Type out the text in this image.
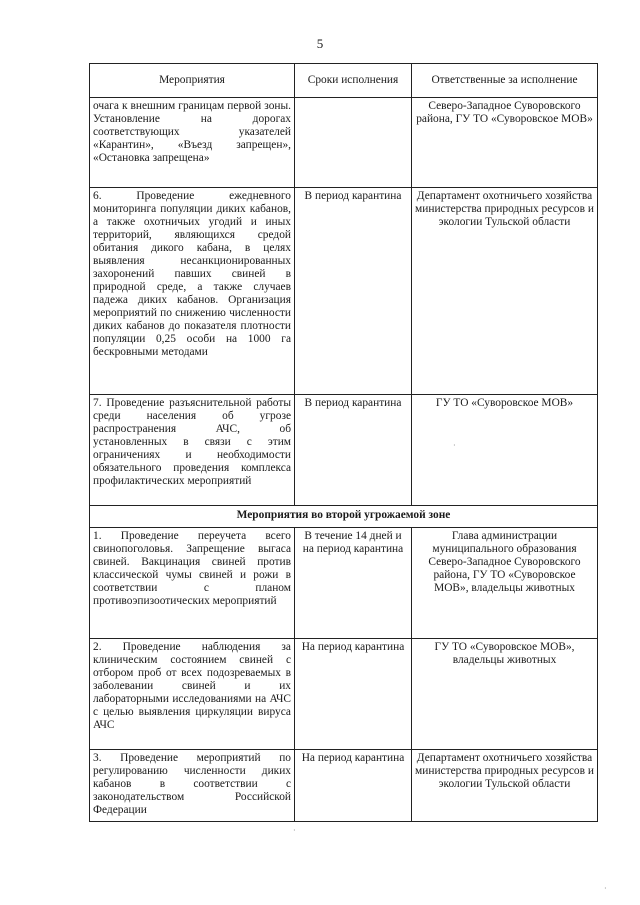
5
Мероприятия	Сроки исполнения	Ответственные за исполнение
очага к внешним границам первой зоны. Установление на дорогах соответствующих указателей «Карантин», «Въезд запрещен», «Остановка запрещена»		Северо-Западное Суворовского района, ГУ ТО «Суворовское МОВ»
6. Проведение ежедневного мониторинга популяции диких кабанов, а также охотничьих угодий и иных территорий, являющихся средой обитания дикого кабана, в целях выявления несанкционированных захоронений павших свиней в природной среде, а также случаев падежа диких кабанов. Организация мероприятий по снижению численности диких кабанов до показателя плотности популяции 0,25 особи на 1000 га бескровными методами	В период карантина	Департамент охотничьего хозяйства министерства природных ресурсов и экологии Тульской области
7. Проведение разъяснительной работы среди населения об угрозе распространения АЧС, об установленных в связи с этим ограничениях и необходимости обязательного проведения комплекса профилактических мероприятий	В период карантина	ГУ ТО «Суворовское МОВ»
Мероприятия во второй угрожаемой зоне		
1. Проведение переучета всего свинопоголовья. Запрещение выгаса свиней. Вакцинация свиней против классической чумы свиней и рожи в соответствии с планом противоэпизоотических мероприятий	В течение 14 дней и на период карантина	Глава администрации муниципального образования Северо-Западное Суворовского района, ГУ ТО «Суворовское МОВ», владельцы животных
2. Проведение наблюдения за клиническим состоянием свиней с отбором проб от всех подозреваемых в заболевании свиней и их лабораторными исследованиями на АЧС с целью выявления циркуляции вируса АЧС	На период карантина	ГУ ТО «Суворовское МОВ», владельцы животных
3. Проведение мероприятий по регулированию численности диких кабанов в соответствии с законодательством Российской Федерации	На период карантина	Департамент охотничьего хозяйства министерства природных ресурсов и экологии Тульской области
·
·
·
